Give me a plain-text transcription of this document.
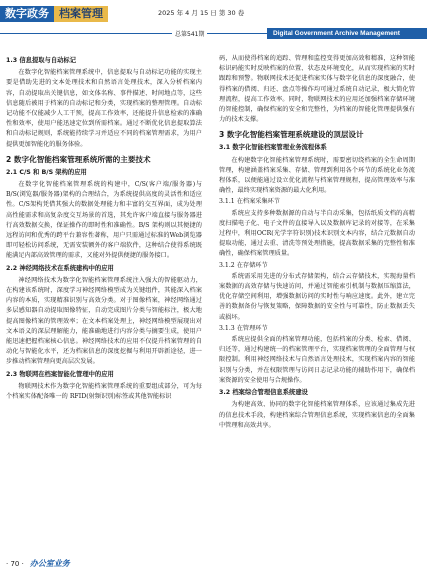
数字政务 档案管理	2025 年 4 月 15 日 第 30 卷
总第541期	Digital Government Archive Management
1.3 信息提取与自动标记

在数字化智能档案管理系统中，信息提取与自动标记功能的实现主要是借助先进的文本处理技术和自然语言处理技术，深入分析档案内容，自动提取出关键信息，如文体名称、事件描述、时间地点等，这些信息随后被用于档案的自动标记和分类，实现档案的整理管理。自动标记功能不仅能减少人工干预，提高工作效率，还能提升信息检索的准确性和效率，使用户能迅速定位到所需档案。通过不断优化信息提取算法和自动标记规则，系统能持续学习并适应不同的档案管理需求，为用户提供更加智能化的服务体验。

2 数字化智能档案管理系统所需的主要技术
2.1 C/S 和 B/S 架构的应用

在数字化智能档案管理系统的构建中，C/S(客户端/服务器)与 B/S(浏览器/服务器)架构的合理结合，为系统提供高度的灵活性和适应性。C/S架构凭借其强大的数据处理能力和丰富的交互界面，成为处理高性能需求和高复杂度交互场景的首选，其允许客户端直接与服务器进行高效数据交换，保证操作的即时性和准确性。B/S 架构则以其便捷的远程访问和优秀的跨平台兼容性著称，用户只需通过标准的Web浏览器即可轻松访问系统，无需安装额外的客户端软件，这种结合使得系统既能满足内部高效管理的需求，又能对外提供便捷的服务接口。

2.2 神经网络技术在系统建构中的应用

神经网络技术为数字化智能档案管理系统注入强大的智能驱动力，在构建该系统时，深度学习神经网络模型成为关键组件，其能深入档案内容的本质，实现精准识别与高效分类。对于图像档案，神经网络通过多层感知器自动提取图像特征，自动完成图片分类与智能标注，极大地提高图像档案的管理效率；在文本档案处理上，神经网络模型展现出对文本语义的深层理解能力，能准确地进行内容分类与摘要生成，使用户能迅速把握档案核心信息。神经网络技术的应用不仅提升档案管理的自动化与智能化水平，还为档案信息的深度挖掘与利用开辟新途径，进一步推动档案管理向更高层次发展。

2.3 物联网在档案智能化管理中的应用

物联网技术作为数字化智能档案管理系统的重要组成部分，可为每个档案实体配备唯一的 RFID(射频识别)标签或其他智能标识

码，从而使得档案的追踪、管理和监控变得更加高效和精准，这种智能标识码能实时反映档案的位置、状态及环境变化，从而实现档案的实时跟踪和预警。物联网技术还促进档案实体与数字化信息的深度融合，使得档案的借阅、归还、盘点等操作均可通过系统自动记录，极大简化管理流程，提高工作效率。同时，物联网技术的应用还加强档案存储环境的智能控制，确保档案的安全和完整性，为档案的智能化管理提供强有力的技术支撑。

3 数字化智能档案管理系统建设的顶层设计
3.1 数字化智能档案管理业务流程体系

在构建数字化智能档案管理系统时，需要密切绕档案的全生命周期管理，构建涵盖档案采集、存储、管理到利用各个环节的系统化业务流程体系，以便能通过设立优化流程与档案管理规程，提高管理效率与准确性，最终实现档案资源的最大化利用。

3.1.1 在档案采集环节

系统应支持多种数据源的自动与半自动采集，包括纸质文档的高精度扫描电子化、电子文件的直接导入以及数据库记录的对接等，在采集过程中，利用OCR(光学字符识别)技术识别文本内容，结合元数据自动提取功能，通过去重、清洗等预处理措施，提高数据采集的完整性和准确性，确保档案管理质量。

3.1.2 在存储环节

系统需采用先进的分布式存储架构，结合云存储技术，实现海量档案数据的高效存储与快速访问，并通过智能索引机制与数据压缩算法，优化存储空间利用，增强数据访问的实时性与响应速度。此外，建立完善的数据备份与恢复策略，保障数据的安全性与可靠性，防止数据丢失或损坏。

3.1.3 在管理环节

系统应提供全面的档案管理功能，包括档案的分类、检索、借阅、归还等，通过构建统一的档案管理平台，实现档案管理的全面管理与权限控制。利用神经网络技术与自然语言处理技术，实现档案内容的智能识别与分类，并在权限管理与访问日志记录功能的辅助作用下，确保档案资源的安全使用与合规操作。

3.2 档案综合管理信息系统建设

为构建高效、协同的数字化智能档案管理体系，应该通过集成先进的信息技术手段，构建档案综合管理信息系统，实现档案信息的全面集中管理和高效共享。

· 70 · 办公室业务
